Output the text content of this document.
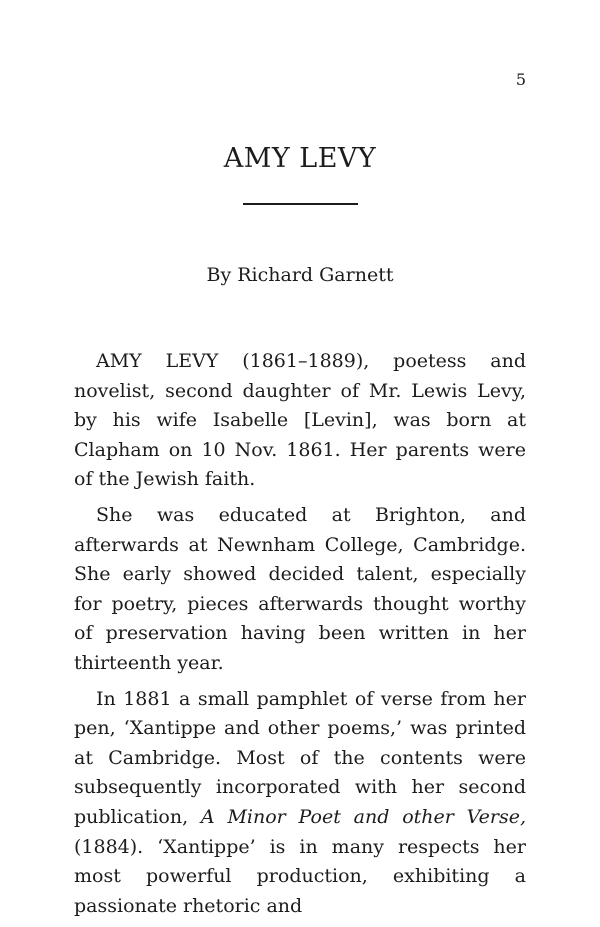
5
AMY LEVY
By Richard Garnett

AMY LEVY (1861–1889), poetess and novelist, second daughter of Mr. Lewis Levy, by his wife Isabelle [Levin], was born at Clapham on 10 Nov. 1861. Her parents were of the Jewish faith.

She was educated at Brighton, and afterwards at Newnham College, Cambridge. She early showed decided talent, especially for poetry, pieces afterwards thought worthy of preservation having been written in her thirteenth year.

In 1881 a small pamphlet of verse from her pen, ‘Xantippe and other poems,’ was printed at Cambridge. Most of the contents were subsequently incorporated with her second publication, A Minor Poet and other Verse, (1884). ‘Xantippe’ is in many respects her most powerful production, exhibiting a passionate rhetoric and
